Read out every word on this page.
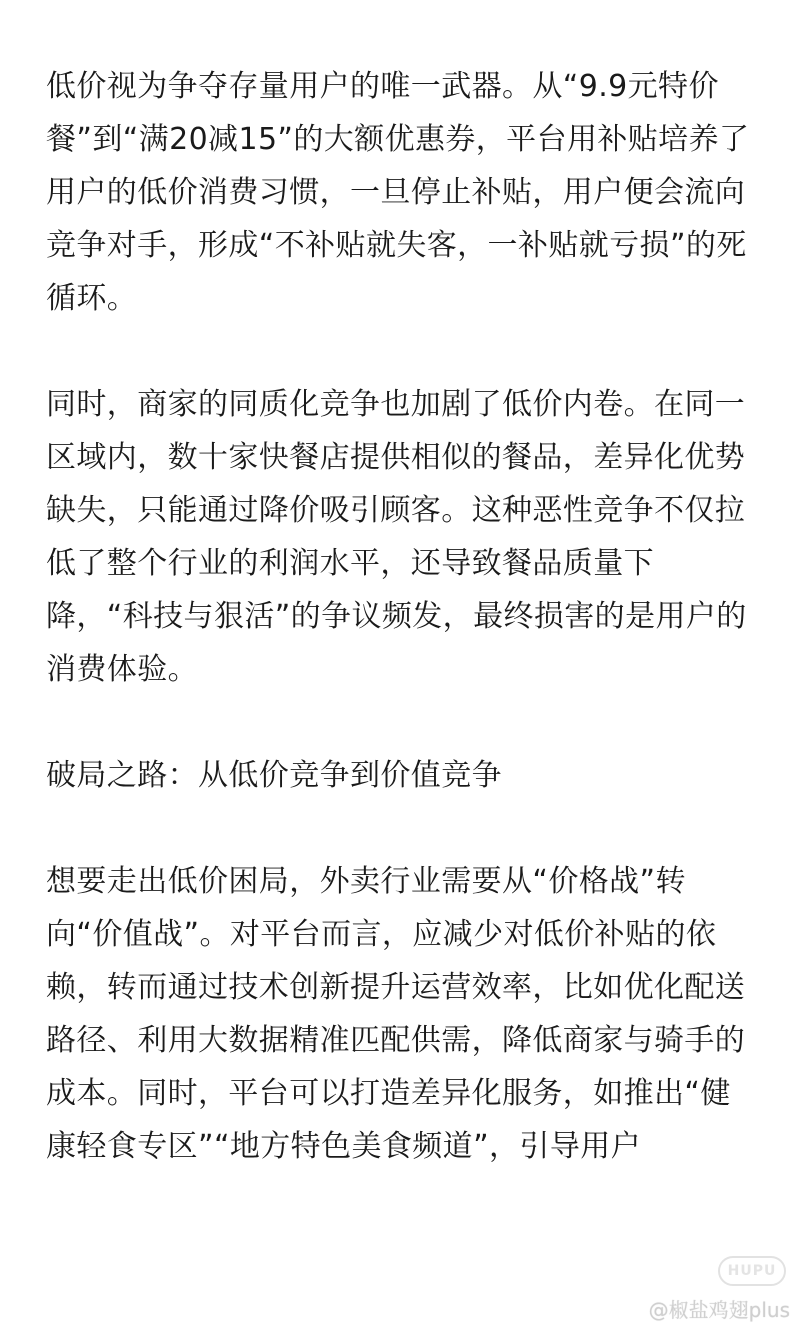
低价视为争夺存量用户的唯一武器。从“9.9元特价餐”到“满20减15”的大额优惠券，平台用补贴培养了用户的低价消费习惯，一旦停止补贴，用户便会流向竞争对手，形成“不补贴就失客，一补贴就亏损”的死循环。

同时，商家的同质化竞争也加剧了低价内卷。在同一区域内，数十家快餐店提供相似的餐品，差异化优势缺失，只能通过降价吸引顾客。这种恶性竞争不仅拉低了整个行业的利润水平，还导致餐品质量下降，“科技与狠活”的争议频发，最终损害的是用户的消费体验。

破局之路：从低价竞争到价值竞争

想要走出低价困局，外卖行业需要从“价格战”转向“价值战”。对平台而言，应减少对低价补贴的依赖，转而通过技术创新提升运营效率，比如优化配送路径、利用大数据精准匹配供需，降低商家与骑手的成本。同时，平台可以打造差异化服务，如推出“健康轻食专区”“地方特色美食频道”，引导用户

HUPU
@椒盐鸡翅plus
